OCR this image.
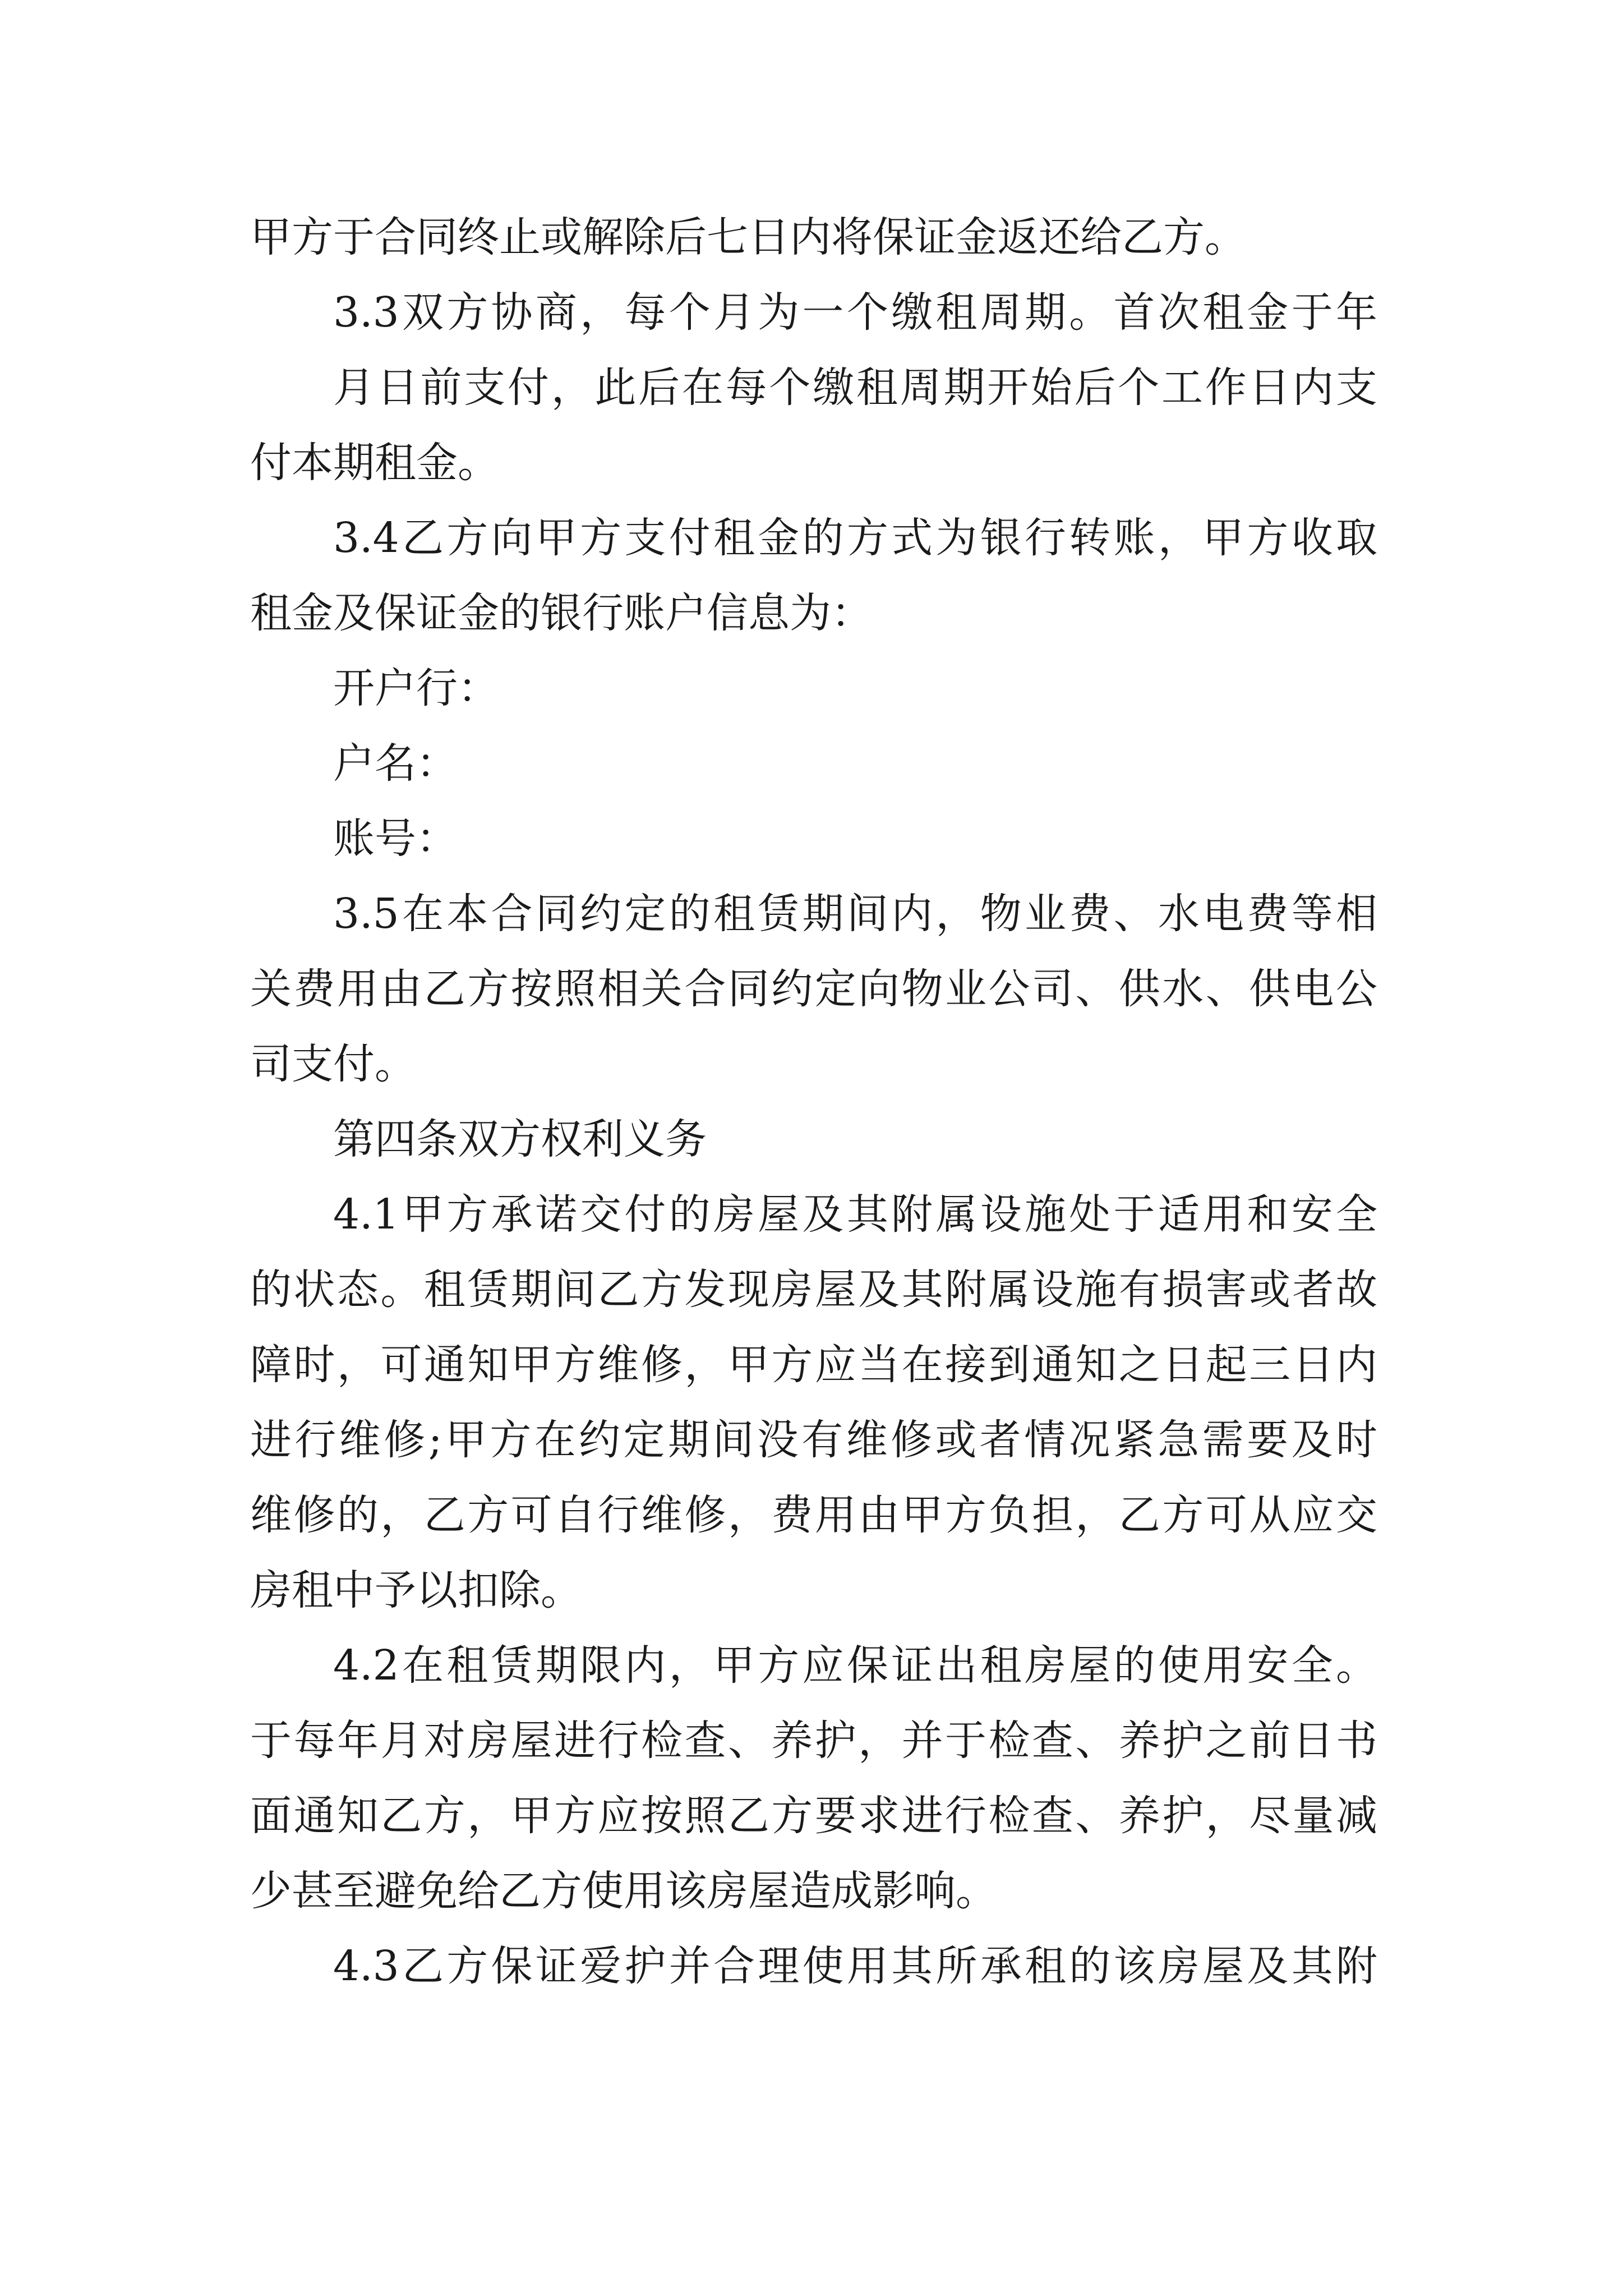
甲方于合同终止或解除后七日内将保证金返还给乙方。
3.3双方协商，每个月为一个缴租周期。首次租金于年
月日前支付，此后在每个缴租周期开始后个工作日内支
付本期租金。
3.4乙方向甲方支付租金的方式为银行转账，甲方收取
租金及保证金的银行账户信息为：
开户行：
户名：
账号：
3.5在本合同约定的租赁期间内，物业费、水电费等相
关费用由乙方按照相关合同约定向物业公司、供水、供电公
司支付。
第四条双方权利义务
4.1甲方承诺交付的房屋及其附属设施处于适用和安全
的状态。租赁期间乙方发现房屋及其附属设施有损害或者故
障时，可通知甲方维修，甲方应当在接到通知之日起三日内
进行维修;甲方在约定期间没有维修或者情况紧急需要及时
维修的，乙方可自行维修，费用由甲方负担，乙方可从应交
房租中予以扣除。
4.2在租赁期限内，甲方应保证出租房屋的使用安全。
于每年月对房屋进行检查、养护，并于检查、养护之前日书
面通知乙方，甲方应按照乙方要求进行检查、养护，尽量减
少甚至避免给乙方使用该房屋造成影响。
4.3乙方保证爱护并合理使用其所承租的该房屋及其附
